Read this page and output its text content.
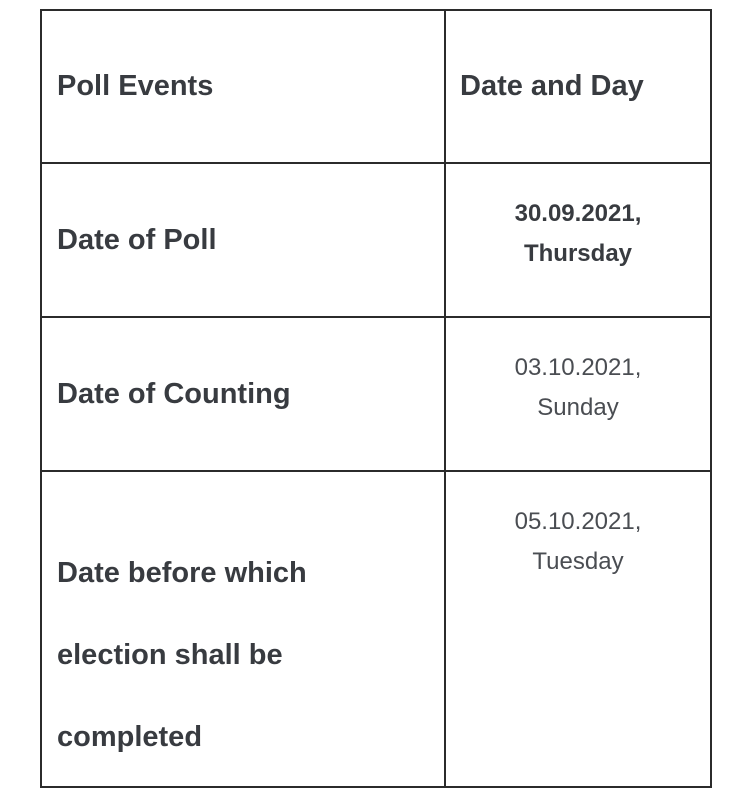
Poll Events	Date and Day

Date of Poll	30.09.2021,
Thursday

Date of Counting	03.10.2021,
Sunday

Date before which
election shall be
completed	05.10.2021,
Tuesday
